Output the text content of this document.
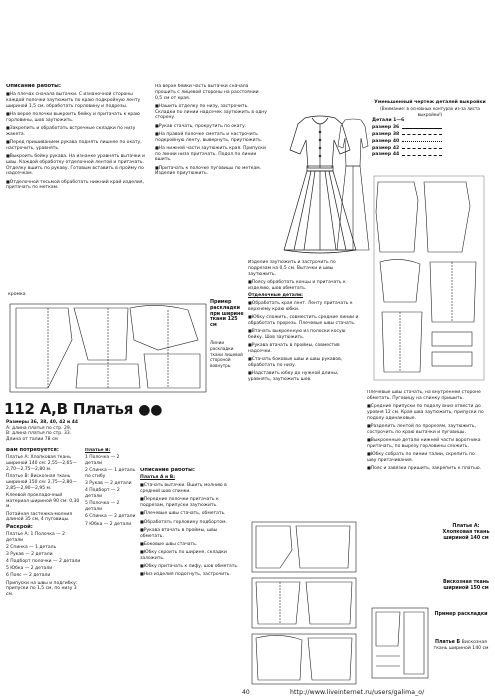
Описание работы:

■ На плечах сначала вытачки. С изнаночной стороны каждой полочки заутюжить по краю подкройную ленту шириной 1,5 см, обработать горловину и подрезы.

■ На верхе полочки выкроить бейку и притачать к краю горловины, шов заутюжить.

■ Закрепить и обработать встречные складки по низу жакета.

■ Перед пришиванием рукава поднять лишнее по окату, настрочить, уравнять.

■ Выкроить бейку рукава. На изнанке уравнять вытачки и швы. Каждой обработку отделочной лентой и притачать. Отделку вшить по рукаву. Готовым вставить в пройму по надсечкам.

■ Отделочной тесьмой обработать нижний край изделия, притачать по меткам.

На верхе бейки часть вытачки сначала прошить с лицевой стороны на расстоянии 0,5 см от края.

■ Нашить отделку по низу, застрочить. Складки по линии надсечек заутюжить в одну сторону.

■ Рукав стачать, прокрутить по окату.

■ На правой полочке сметать и настрочить подкройную ленту, вывернуть, приутюжить.

■ На нижней части заутюжить края. Припуски по линии низа притачать. Подол по линии вшить.

■ Притачать к полочке пуговицы по меткам. Изделие приутюжить.

Уменьшенный чертеж деталей выкройки
(Внимание: в основных контурах из-за листа выкройки!)
Детали 1—6
размер 36
размер 38
размер 40
размер 42
размер 44
кромка
Пример раскладки при ширине ткани 125 см
Линии раскладки ткани лицевой стороной вовнутрь.
112 А,В Платья ●●
Размеры 36, 38, 40, 42 и 44
А: длина платья по стр. 29,
В: длина платья по стр. 33.
Длина от талии 78 см

Вам потребуется:

Платье А: Хлопковая ткань шириной 140 см: 2,55—2,65—2,70—2,75—2,80 м.

Платье В: Вискозная ткань шириной 150 см: 2,75—2,80—2,85—2,90—2,95 м.

Клеевой прокладочный материал шириной 90 см: 0,30 м.

Потайная застежка-молния длиной 35 см, 4 пуговицы.

Раскрой:

Платье А: 1 Полочка — 2 детали

2 Спинка — 1 деталь

3 Рукав — 2 детали

4 Подборт полочки — 2 детали

5 Юбка — 2 детали

6 Пояс — 2 детали

Припуски на швы и подгибку: припуски по 1,5 см, по низу 3 см.

Платье В:

1 Полочка — 2 детали

2 Спинка — 1 деталь по сгибу

3 Рукав — 2 детали

4 Подборт — 2 детали

5 Полочка — 2 детали

6 Спинка — 2 детали

7 Юбка — 2 детали

Описание работы:

Платья А и В:

■ Стачать вытачки. Вшить молнию в средний шов спинки.

■ Передние полочки притачать к подрезам, припуски заутюжить.

■ Плечевые швы стачать, обметать.

■ Обработать горловину подбортом.

■ Рукава втачать в проймы, швы обметать.

■ Боковые швы стачать.

■ Юбку скроить по ширине, складки заложить.

■ Юбку притачать к лифу, шов обметать.

■ Низ изделия подогнуть, застрочить.

Изделие заутюжить и застрочить по подрезам на 0,5 см. Вытачки и швы заутюжить.

■ Поясу обработать концы и притачать к изделию, шов обметать.

Отделочные детали:

■ Обработать края лент. Ленту притачать к верхнему краю юбки.

■ Юбку сложить, совместить средние линии и обработать прорезь. Плечевые швы стачать.

■ Втачать выкроенную из полоски косую бейку. Шов заутюжить.

■ Рукава втачать в проймы, совместив надсечки.

■ Стачать боковые швы и швы рукавов, обработать по низу.

■ Надставить юбку до нужной длины, уравнять, заутюжить шов.

Плечевые швы стачать, на внутренней стороне обметать. Пуговицу на спинку пришить.

■ Средние припуски по подолу вниз отвести до уровня 12 см. Края шва заутюжить, припуски по подолу одинаковые.

■ Разделить лентой по прорезям, заутюжить, сострочить по краю вытачки и пуговицы.

■ Выкроенные детали нижней части воротника притачать, по вырезу горловины сложить.

■ Юбку собрать по линии талии, скрепить по шву притачивания.

■ Пояс и завязки пришить, закрепить к платью.

Платье А: Хлопковая ткань шириной 140 см
Вискозная ткань шириной 150 см
Пример раскладки
Платье Б Вискозная ткань шириной 140 см
40	http://www.liveinternet.ru/users/galima_o/
